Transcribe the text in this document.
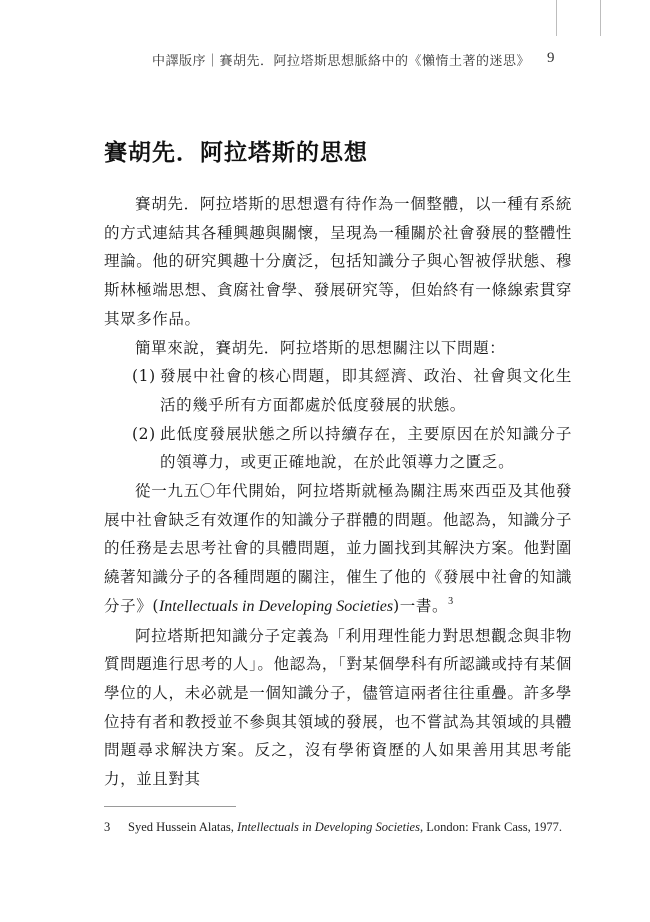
中譯版序｜賽胡先．阿拉塔斯思想脈絡中的《懶惰土著的迷思》 9
賽胡先．阿拉塔斯的思想

賽胡先．阿拉塔斯的思想還有待作為一個整體，以一種有系統的方式連結其各種興趣與關懷，呈現為一種關於社會發展的整體性理論。他的研究興趣十分廣泛，包括知識分子與心智被俘狀態、穆斯林極端思想、貪腐社會學、發展研究等，但始終有一條線索貫穿其眾多作品。

簡單來說，賽胡先．阿拉塔斯的思想關注以下問題：

(1) 發展中社會的核心問題，即其經濟、政治、社會與文化生活的幾乎所有方面都處於低度發展的狀態。
(2) 此低度發展狀態之所以持續存在，主要原因在於知識分子的領導力，或更正確地說，在於此領導力之匱乏。

從一九五〇年代開始，阿拉塔斯就極為關注馬來西亞及其他發展中社會缺乏有效運作的知識分子群體的問題。他認為，知識分子的任務是去思考社會的具體問題，並力圖找到其解決方案。他對圍繞著知識分子的各種問題的關注，催生了他的《發展中社會的知識分子》(Intellectuals in Developing Societies)一書。$^3$

阿拉塔斯把知識分子定義為「利用理性能力對思想觀念與非物質問題進行思考的人」。他認為，「對某個學科有所認識或持有某個學位的人，未必就是一個知識分子，儘管這兩者往往重疊。許多學位持有者和教授並不參與其領域的發展，也不嘗試為其領域的具體問題尋求解決方案。反之，沒有學術資歷的人如果善用其思考能力，並且對其

3 Syed Hussein Alatas, Intellectuals in Developing Societies, London: Frank Cass, 1977.
